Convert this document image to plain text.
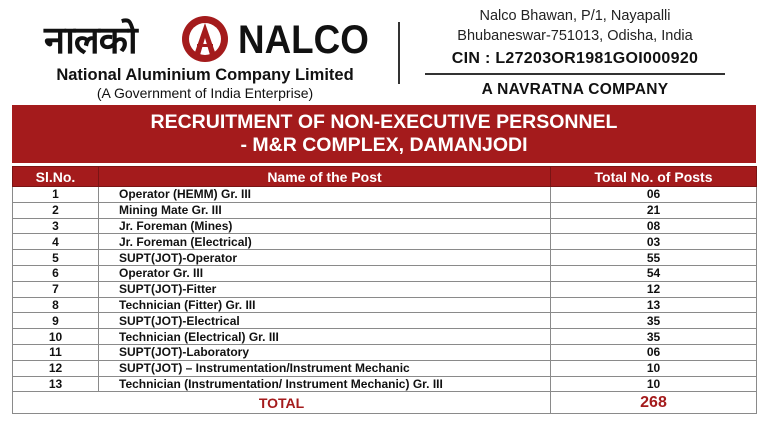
नालको	NALCO
National Aluminium Company Limited
(A Government of India Enterprise)
Nalco Bhawan, P/1, Nayapalli
Bhubaneswar-751013, Odisha, India
CIN : L27203OR1981GOI000920
A NAVRATNA COMPANY
RECRUITMENT OF NON-EXECUTIVE PERSONNEL
- M&R COMPLEX, DAMANJODI
Sl.No.	Name of the Post	Total No. of Posts
1	Operator (HEMM) Gr. III	06
2	Mining Mate Gr. III	21
3	Jr. Foreman (Mines)	08
4	Jr. Foreman (Electrical)	03
5	SUPT(JOT)-Operator	55
6	Operator Gr. III	54
7	SUPT(JOT)-Fitter	12
8	Technician (Fitter) Gr. III	13
9	SUPT(JOT)-Electrical	35
10	Technician (Electrical) Gr. III	35
11	SUPT(JOT)-Laboratory	06
12	SUPT(JOT) – Instrumentation/Instrument Mechanic	10
13	Technician (Instrumentation/ Instrument Mechanic) Gr. III	10
TOTAL		268
